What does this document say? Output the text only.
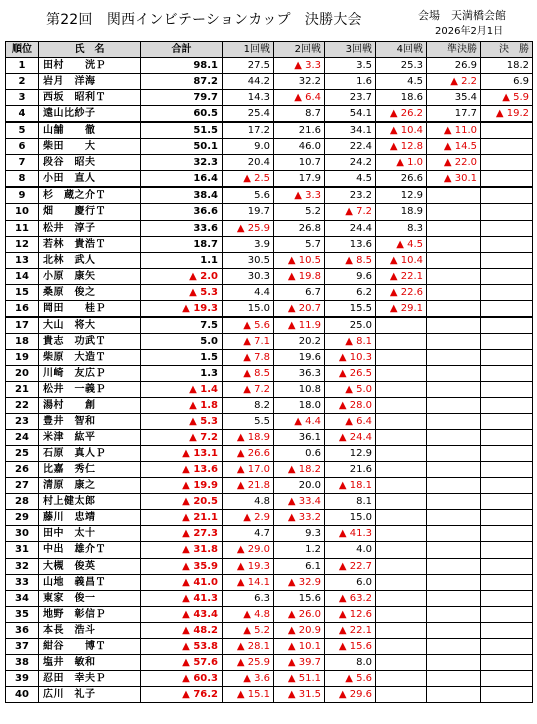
第22回　関西インビテーションカップ　決勝大会	会場　天満橋会館
2026年2月1日
順位	氏　名	合計	1回戦	2回戦	3回戦	4回戦	準決勝	決　勝
1	田村　　洸Ｐ	98.1	27.5	▲ 3.3	3.5	25.3	26.9	18.2
2	岩月　洋海	87.2	44.2	32.2	1.6	4.5	▲ 2.2	6.9
3	西坂　昭利Ｔ	79.7	14.3	▲ 6.4	23.7	18.6	35.4	▲ 5.9
4	遠山比紗子	60.5	25.4	8.7	54.1	▲ 26.2	17.7	▲ 19.2
5	山舗　　徹	51.5	17.2	21.6	34.1	▲ 10.4	▲ 11.0	
6	柴田　　大	50.1	9.0	46.0	22.4	▲ 12.8	▲ 14.5	
7	段谷　昭夫	32.3	20.4	10.7	24.2	▲ 1.0	▲ 22.0	
8	小田　直人	16.4	▲ 2.5	17.9	4.5	26.6	▲ 30.1	
9	杉　蔵之介Ｔ	38.4	5.6	▲ 3.3	23.2	12.9		
10	畑　　慶行Ｔ	36.6	19.7	5.2	▲ 7.2	18.9		
11	松井　淳子	33.6	▲ 25.9	26.8	24.4	8.3		
12	若林　貴浩Ｔ	18.7	3.9	5.7	13.6	▲ 4.5		
13	北林　武人	1.1	30.5	▲ 10.5	▲ 8.5	▲ 10.4		
14	小原　康矢	▲ 2.0	30.3	▲ 19.8	9.6	▲ 22.1		
15	桑原　俊之	▲ 5.3	4.4	6.7	6.2	▲ 22.6		
16	岡田　　桂Ｐ	▲ 19.3	15.0	▲ 20.7	15.5	▲ 29.1		
17	大山　将大	7.5	▲ 5.6	▲ 11.9	25.0			
18	貴志　功武Ｔ	5.0	▲ 7.1	20.2	▲ 8.1			
19	柴原　大造Ｔ	1.5	▲ 7.8	19.6	▲ 10.3			
20	川崎　友広Ｐ	1.3	▲ 8.5	36.3	▲ 26.5			
21	松井　一義Ｐ	▲ 1.4	▲ 7.2	10.8	▲ 5.0			
22	湯村　　創	▲ 1.8	8.2	18.0	▲ 28.0			
23	豊井　智和	▲ 5.3	5.5	▲ 4.4	▲ 6.4			
24	米津　紘平	▲ 7.2	▲ 18.9	36.1	▲ 24.4			
25	石原　真人Ｐ	▲ 13.1	▲ 26.6	0.6	12.9			
26	比嘉　秀仁	▲ 13.6	▲ 17.0	▲ 18.2	21.6			
27	清原　康之	▲ 19.9	▲ 21.8	20.0	▲ 18.1			
28	村上健太郎	▲ 20.5	4.8	▲ 33.4	8.1			
29	藤川　忠靖	▲ 21.1	▲ 2.9	▲ 33.2	15.0			
30	田中　太十	▲ 27.3	4.7	9.3	▲ 41.3			
31	中出　雄介Ｔ	▲ 31.8	▲ 29.0	1.2	4.0			
32	大槻　俊英	▲ 35.9	▲ 19.3	6.1	▲ 22.7			
33	山地　義昌Ｔ	▲ 41.0	▲ 14.1	▲ 32.9	6.0			
34	東家　俊一	▲ 41.3	6.3	15.6	▲ 63.2			
35	地野　彰信Ｐ	▲ 43.4	▲ 4.8	▲ 26.0	▲ 12.6			
36	本長　浩斗	▲ 48.2	▲ 5.2	▲ 20.9	▲ 22.1			
37	紺谷　　博Ｔ	▲ 53.8	▲ 28.1	▲ 10.1	▲ 15.6			
38	塩井　敏和	▲ 57.6	▲ 25.9	▲ 39.7	8.0			
39	忍田　幸夫Ｐ	▲ 60.3	▲ 3.6	▲ 51.1	▲ 5.6			
40	広川　礼子	▲ 76.2	▲ 15.1	▲ 31.5	▲ 29.6			
